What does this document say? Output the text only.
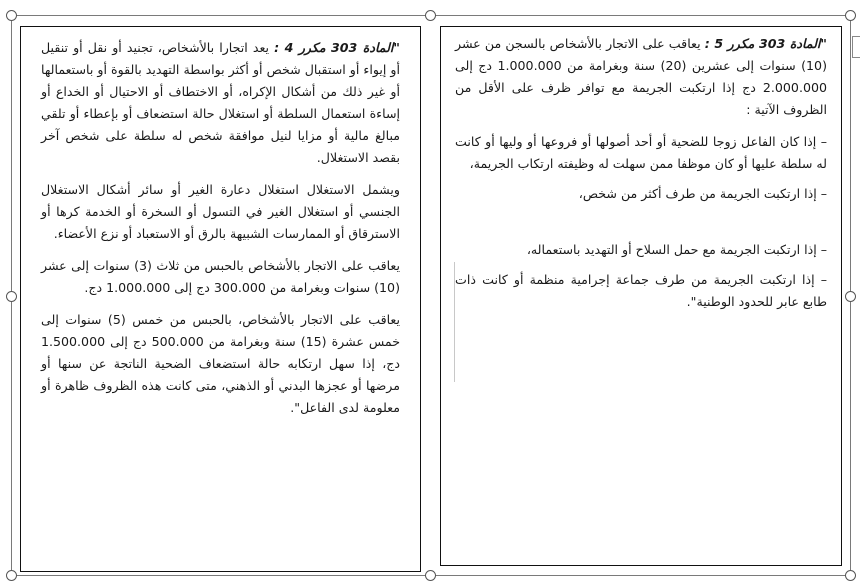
"المادة 303 مكرر 4 : يعد اتجارا بالأشخاص، تجنيد أو نقل أو تنقيل أو إيواء أو استقبال شخص أو أكثر بواسطة التهديد بالقوة أو باستعمالها أو غير ذلك من أشكال الإكراه، أو الاختطاف أو الاحتيال أو الخداع أو إساءة استعمال السلطة أو استغلال حالة استضعاف أو بإعطاء أو تلقي مبالغ مالية أو مزايا لنيل موافقة شخص له سلطة على شخص آخر بقصد الاستغلال.

ويشمل الاستغلال استغلال دعارة الغير أو سائر أشكال الاستغلال الجنسي أو استغلال الغير في التسول أو السخرة أو الخدمة كرها أو الاسترقاق أو الممارسات الشبيهة بالرق أو الاستعباد أو نزع الأعضاء.

يعاقب على الاتجار بالأشخاص بالحبس من ثلاث (3) سنوات إلى عشر (10) سنوات وبغرامة من 300.000 دج إلى 1.000.000 دج.

يعاقب على الاتجار بالأشخاص، بالحبس من خمس (5) سنوات إلى خمس عشرة (15) سنة وبغرامة من 500.000 دج إلى 1.500.000 دج، إذا سهل ارتكابه حالة استضعاف الضحية الناتجة عن سنها أو مرضها أو عجزها البدني أو الذهني، متى كانت هذه الظروف ظاهرة أو معلومة لدى الفاعل".

"المادة 303 مكرر 5 : يعاقب على الاتجار بالأشخاص بالسجن من عشر (10) سنوات إلى عشرين (20) سنة وبغرامة من 1.000.000 دج إلى 2.000.000 دج إذا ارتكبت الجريمة مع توافر ظرف على الأقل من الظروف الآتية :

– إذا كان الفاعل زوجا للضحية أو أحد أصولها أو فروعها أو وليها أو كانت له سلطة عليها أو كان موظفا ممن سهلت له وظيفته ارتكاب الجريمة،

– إذا ارتكبت الجريمة من طرف أكثر من شخص،

– إذا ارتكبت الجريمة مع حمل السلاح أو التهديد باستعماله،

– إذا ارتكبت الجريمة من طرف جماعة إجرامية منظمة أو كانت ذات طابع عابر للحدود الوطنية".
